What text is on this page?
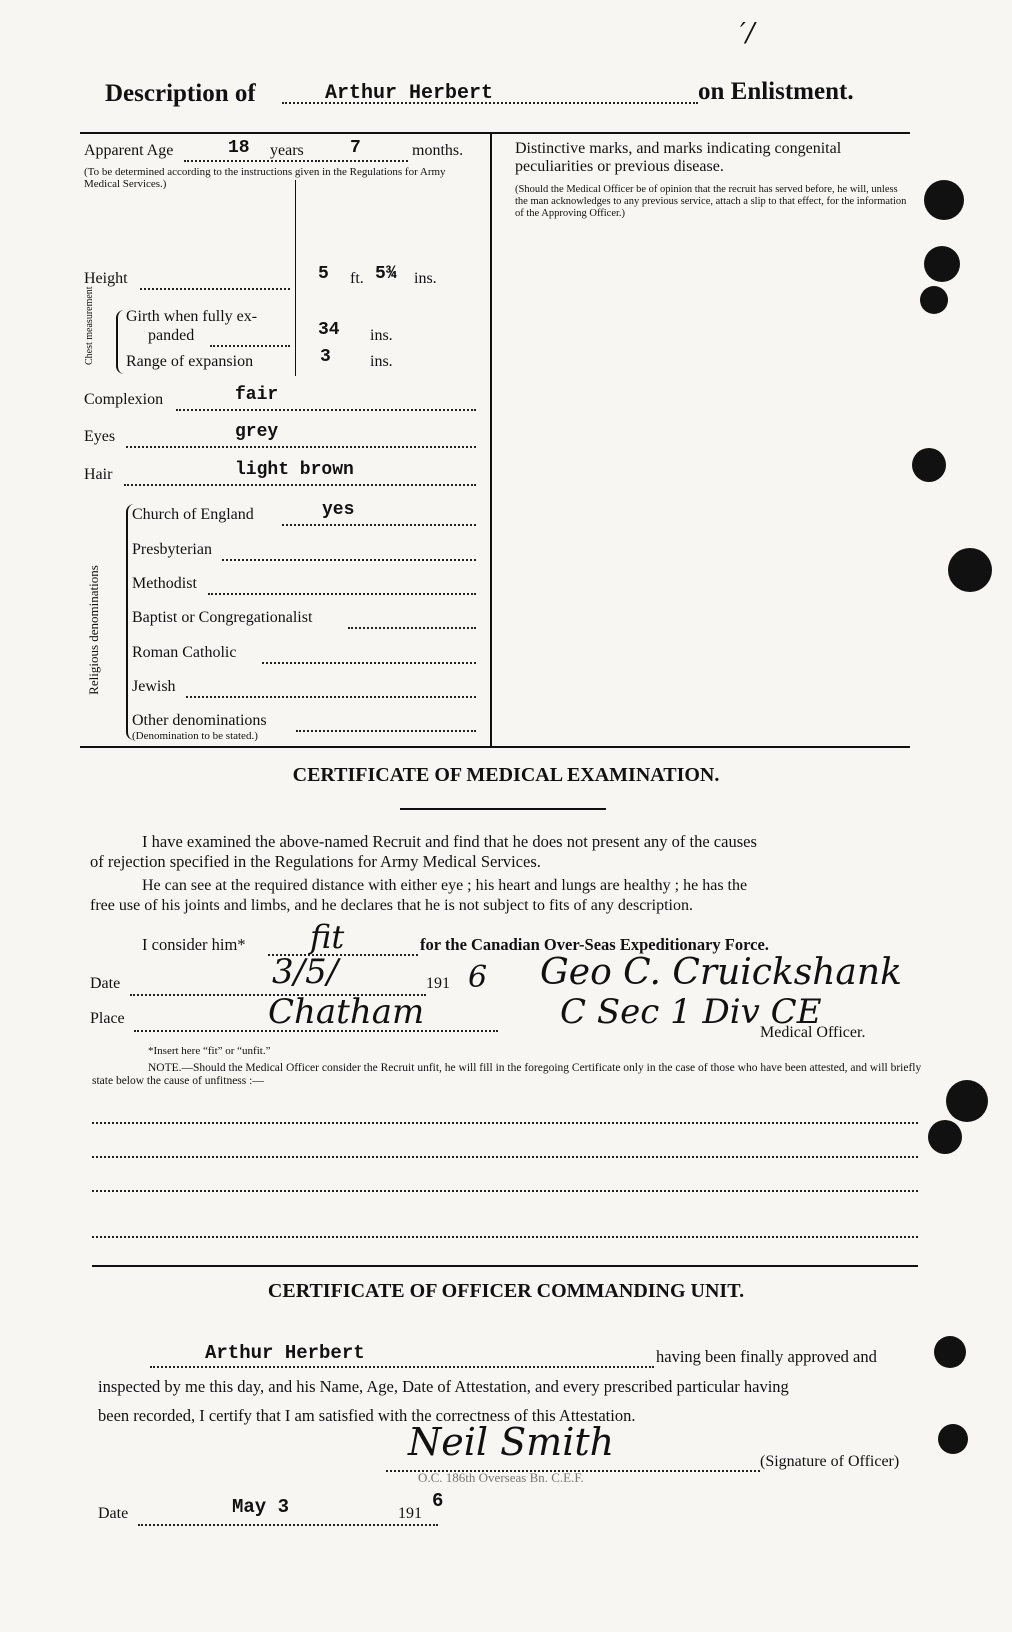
′/
Description of	Arthur Herbert	on Enlistment.
Apparent Age	18 years	7	months.
(To be determined according to the instructions given in the Regulations for Army Medical Services.)
Height	5 ft. 5¾ ins.
Chest measurement Girth when fully ex-
panded	34 ins.
Range of expansion	3 ins.
Complexion	fair
Eyes	grey
Hair	light brown
Religious denominations
Church of England	yes
Presbyterian
Methodist
Baptist or Congregationalist
Roman Catholic
Jewish
Other denominations
(Denomination to be stated.)
Distinctive marks, and marks indicating congenital
peculiarities or previous disease.
(Should the Medical Officer be of opinion that the recruit has served before, he will, unless the man acknowledges to any previous service, attach a slip to that effect, for the information of the Approving Officer.)
CERTIFICATE OF MEDICAL EXAMINATION.
I have examined the above-named Recruit and find that he does not present any of the causes
of rejection specified in the Regulations for Army Medical Services.
He can see at the required distance with either eye ; his heart and lungs are healthy ; he has the
free use of his joints and limbs, and he declares that he is not subject to fits of any description.
I consider him* fit	for the Canadian Over-Seas Expeditionary Force.
Date	3/5/	191 6 Geo C. Cruickshank
Place	Chatham	C Sec 1 Div CE
Medical Officer.
*Insert here “fit” or “unfit.”
NOTE.—Should the Medical Officer consider the Recruit unfit, he will fill in the foregoing Certificate only in the case of those who have been attested, and will briefly state below the cause of unfitness :—
CERTIFICATE OF OFFICER COMMANDING UNIT.
Arthur Herbert	having been finally approved and
inspected by me this day, and his Name, Age, Date of Attestation, and every prescribed particular having
been recorded, I certify that I am satisfied with the correctness of this Attestation.
Neil Smith
O.C. 186th Overseas Bn. C.E.F.
(Signature of Officer)
Date	May 3	191
6
